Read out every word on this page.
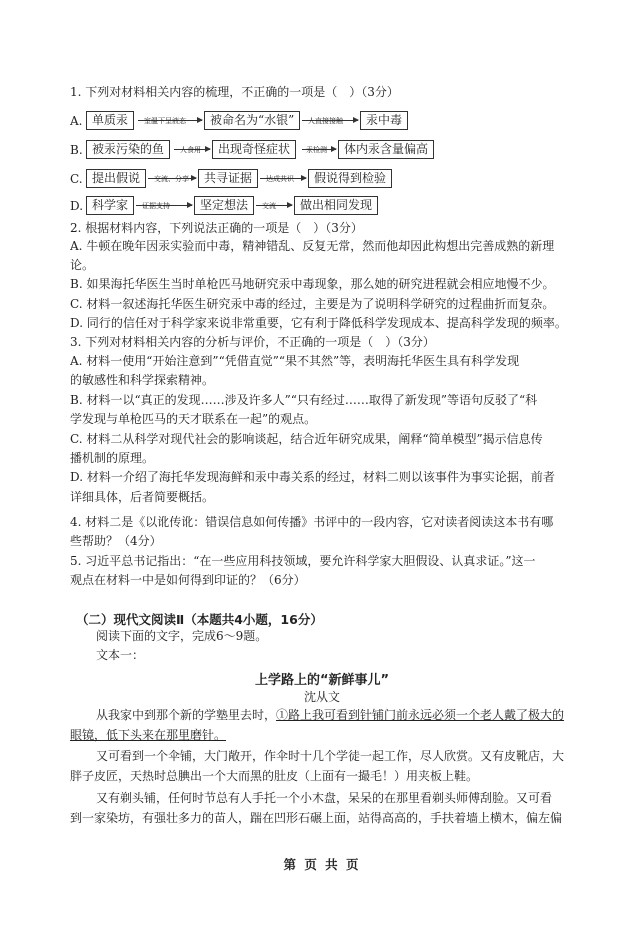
1. 下列对材料相关内容的梳理，不正确的一项是（　）（3分）
A. 单质汞	室温下呈液态	被命名为“水银”	人直接接触	汞中毒
B. 被汞污染的鱼	人食用	出现奇怪症状	汞检测	体内汞含量偏高
C. 提出假说	交流、分享	共寻证据	达成共识	假说得到检验
D. 科学家	证据支持	坚定想法	交流	做出相同发现
2. 根据材料内容，下列说法正确的一项是（　）（3分）
A. 牛顿在晚年因汞实验而中毒，精神错乱、反复无常，然而他却因此构想出完善成熟的新理
论。
B. 如果海托华医生当时单枪匹马地研究汞中毒现象，那么她的研究进程就会相应地慢不少。
C. 材料一叙述海托华医生研究汞中毒的经过，主要是为了说明科学研究的过程曲折而复杂。
D. 同行的信任对于科学家来说非常重要，它有利于降低科学发现成本、提高科学发现的频率。
3. 下列对材料相关内容的分析与评价，不正确的一项是（　）（3分）
A. 材料一使用“开始注意到”“凭借直觉”“果不其然”等，表明海托华医生具有科学发现
的敏感性和科学探索精神。
B. 材料一以“真正的发现……涉及许多人”“只有经过……取得了新发现”等语句反驳了“科
学发现与单枪匹马的天才联系在一起”的观点。
C. 材料二从科学对现代社会的影响谈起，结合近年研究成果，阐释“简单模型”揭示信息传
播机制的原理。
D. 材料一介绍了海托华发现海鲜和汞中毒关系的经过，材料二则以该事件为事实论据，前者
详细具体，后者简要概括。
4. 材料二是《以讹传讹：错误信息如何传播》书评中的一段内容，它对读者阅读这本书有哪
些帮助？（4分）
5. 习近平总书记指出：“在一些应用科技领域，要允许科学家大胆假设、认真求证。”这一
观点在材料一中是如何得到印证的？（6分）
（二）现代文阅读Ⅱ（本题共4小题，16分）
阅读下面的文字，完成6～9题。
文本一：
上学路上的“新鲜事儿”
沈从文
从我家中到那个新的学塾里去时，①路上我可看到针铺门前永远必须一个老人戴了极大的
眼镜，低下头来在那里磨针。
又可看到一个伞铺，大门敞开，作伞时十几个学徒一起工作，尽人欣赏。又有皮靴店，大
胖子皮匠，天热时总腆出一个大而黑的肚皮（上面有一撮毛！）用夹板上鞋。
又有剃头铺，任何时节总有人手托一个小木盘，呆呆的在那里看剃头师傅刮脸。又可看
到一家染坊，有强壮多力的苗人，踹在凹形石碾上面，站得高高的，手扶着墙上横木，偏左偏
第 页 共 页
